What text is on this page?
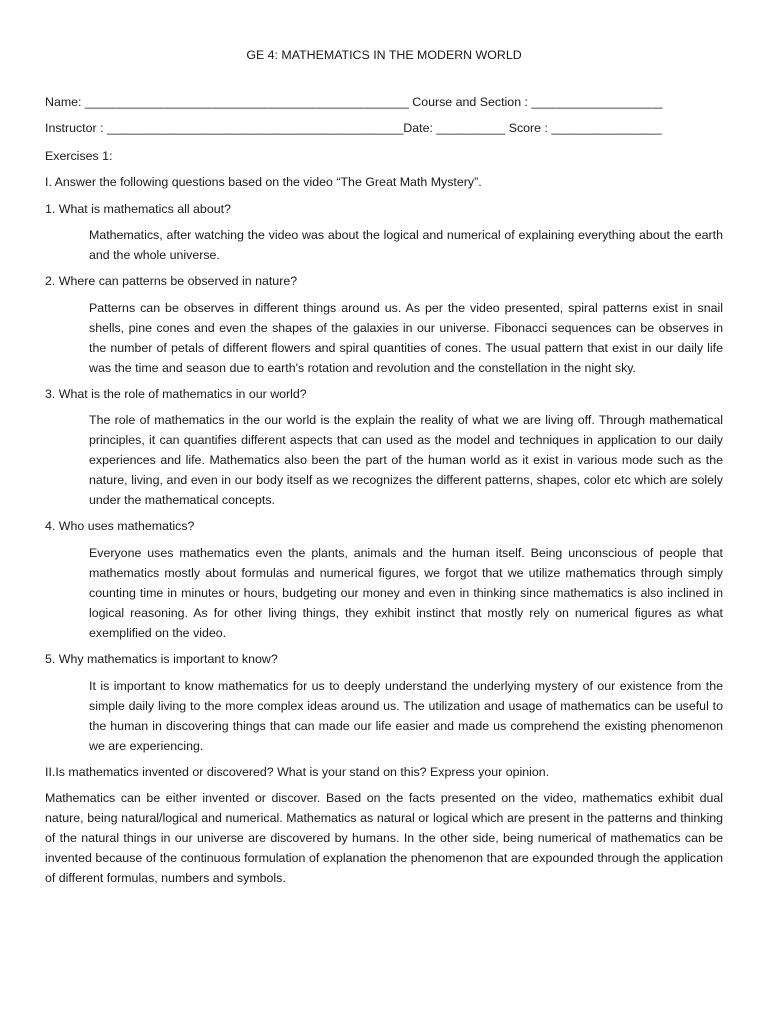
GE 4: MATHEMATICS IN THE MODERN WORLD
Name: _______________________________________________ Course and Section : ___________________
Instructor : ___________________________________________Date: __________ Score : ________________
Exercises 1:
I. Answer the following questions based on the video “The Great Math Mystery”.
1. What is mathematics all about?

Mathematics, after watching the video was about the logical and numerical of explaining everything about the earth and the whole universe.

2. Where can patterns be observed in nature?

Patterns can be observes in different things around us. As per the video presented, spiral patterns exist in snail shells, pine cones and even the shapes of the galaxies in our universe. Fibonacci sequences can be observes in the number of petals of different flowers and spiral quantities of cones. The usual pattern that exist in our daily life was the time and season due to earth's rotation and revolution and the constellation in the night sky.

3. What is the role of mathematics in our world?

The role of mathematics in the our world is the explain the reality of what we are living off. Through mathematical principles, it can quantifies different aspects that can used as the model and techniques in application to our daily experiences and life. Mathematics also been the part of the human world as it exist in various mode such as the nature, living, and even in our body itself as we recognizes the different patterns, shapes, color etc which are solely under the mathematical concepts.

4. Who uses mathematics?

Everyone uses mathematics even the plants, animals and the human itself. Being unconscious of people that mathematics mostly about formulas and numerical figures, we forgot that we utilize mathematics through simply counting time in minutes or hours, budgeting our money and even in thinking since mathematics is also inclined in logical reasoning. As for other living things, they exhibit instinct that mostly rely on numerical figures as what exemplified on the video.

5. Why mathematics is important to know?

It is important to know mathematics for us to deeply understand the underlying mystery of our existence from the simple daily living to the more complex ideas around us. The utilization and usage of mathematics can be useful to the human in discovering things that can made our life easier and made us comprehend the existing phenomenon we are experiencing.

II.Is mathematics invented or discovered? What is your stand on this? Express your opinion.

Mathematics can be either invented or discover. Based on the facts presented on the video, mathematics exhibit dual nature, being natural/logical and numerical. Mathematics as natural or logical which are present in the patterns and thinking of the natural things in our universe are discovered by humans. In the other side, being numerical of mathematics can be invented because of the continuous formulation of explanation the phenomenon that are expounded through the application of different formulas, numbers and symbols.
